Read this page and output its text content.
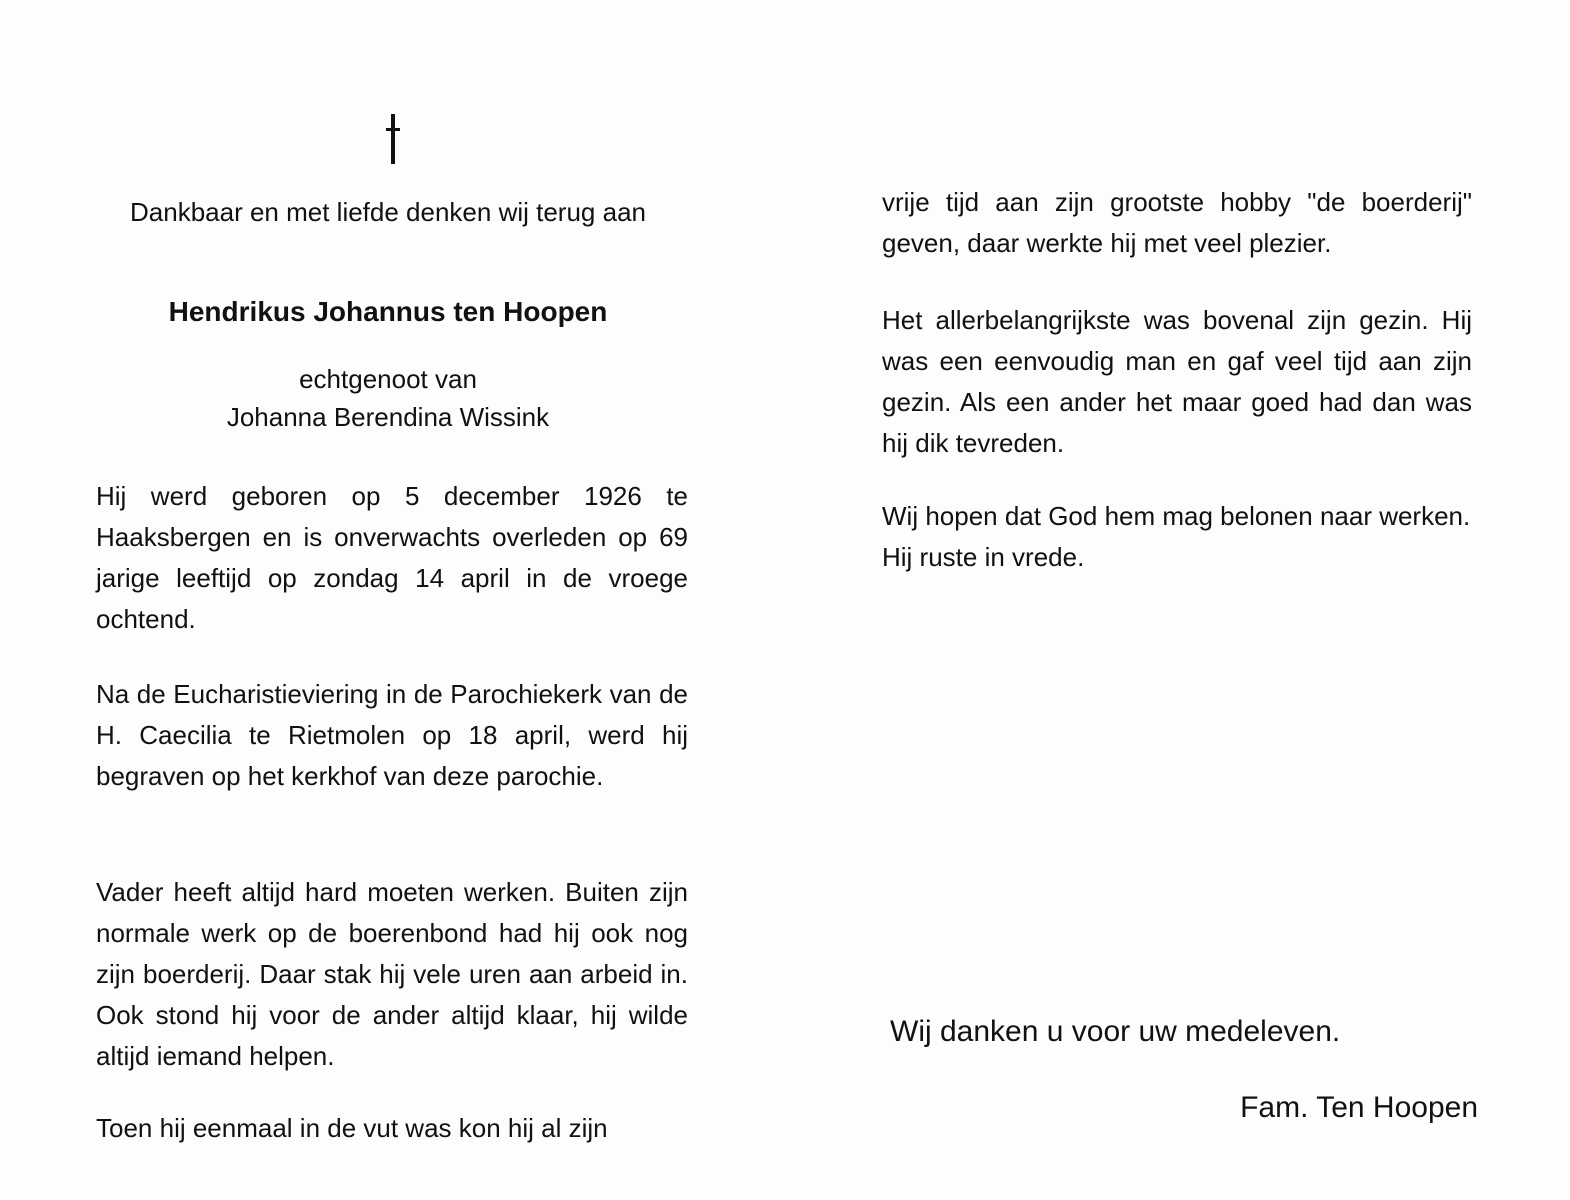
Dankbaar en met liefde denken wij terug aan
Hendrikus Johannus ten Hoopen
echtgenoot van
Johanna Berendina Wissink
Hij werd geboren op 5 december 1926 te Haaksbergen en is onverwachts overleden op 69 jarige leeftijd op zondag 14 april in de vroege ochtend.
Na de Eucharistieviering in de Parochiekerk van de H. Caecilia te Rietmolen op 18 april, werd hij begraven op het kerkhof van deze parochie.
Vader heeft altijd hard moeten werken. Buiten zijn normale werk op de boerenbond had hij ook nog zijn boerderij. Daar stak hij vele uren aan arbeid in. Ook stond hij voor de ander altijd klaar, hij wilde altijd iemand helpen.
Toen hij eenmaal in de vut was kon hij al zijn
vrije tijd aan zijn grootste hobby "de boerderij" geven, daar werkte hij met veel plezier.
Het allerbelangrijkste was bovenal zijn gezin. Hij was een eenvoudig man en gaf veel tijd aan zijn gezin. Als een ander het maar goed had dan was hij dik tevreden.
Wij hopen dat God hem mag belonen naar werken.
Hij ruste in vrede.
Wij danken u voor uw medeleven.
Fam. Ten Hoopen
